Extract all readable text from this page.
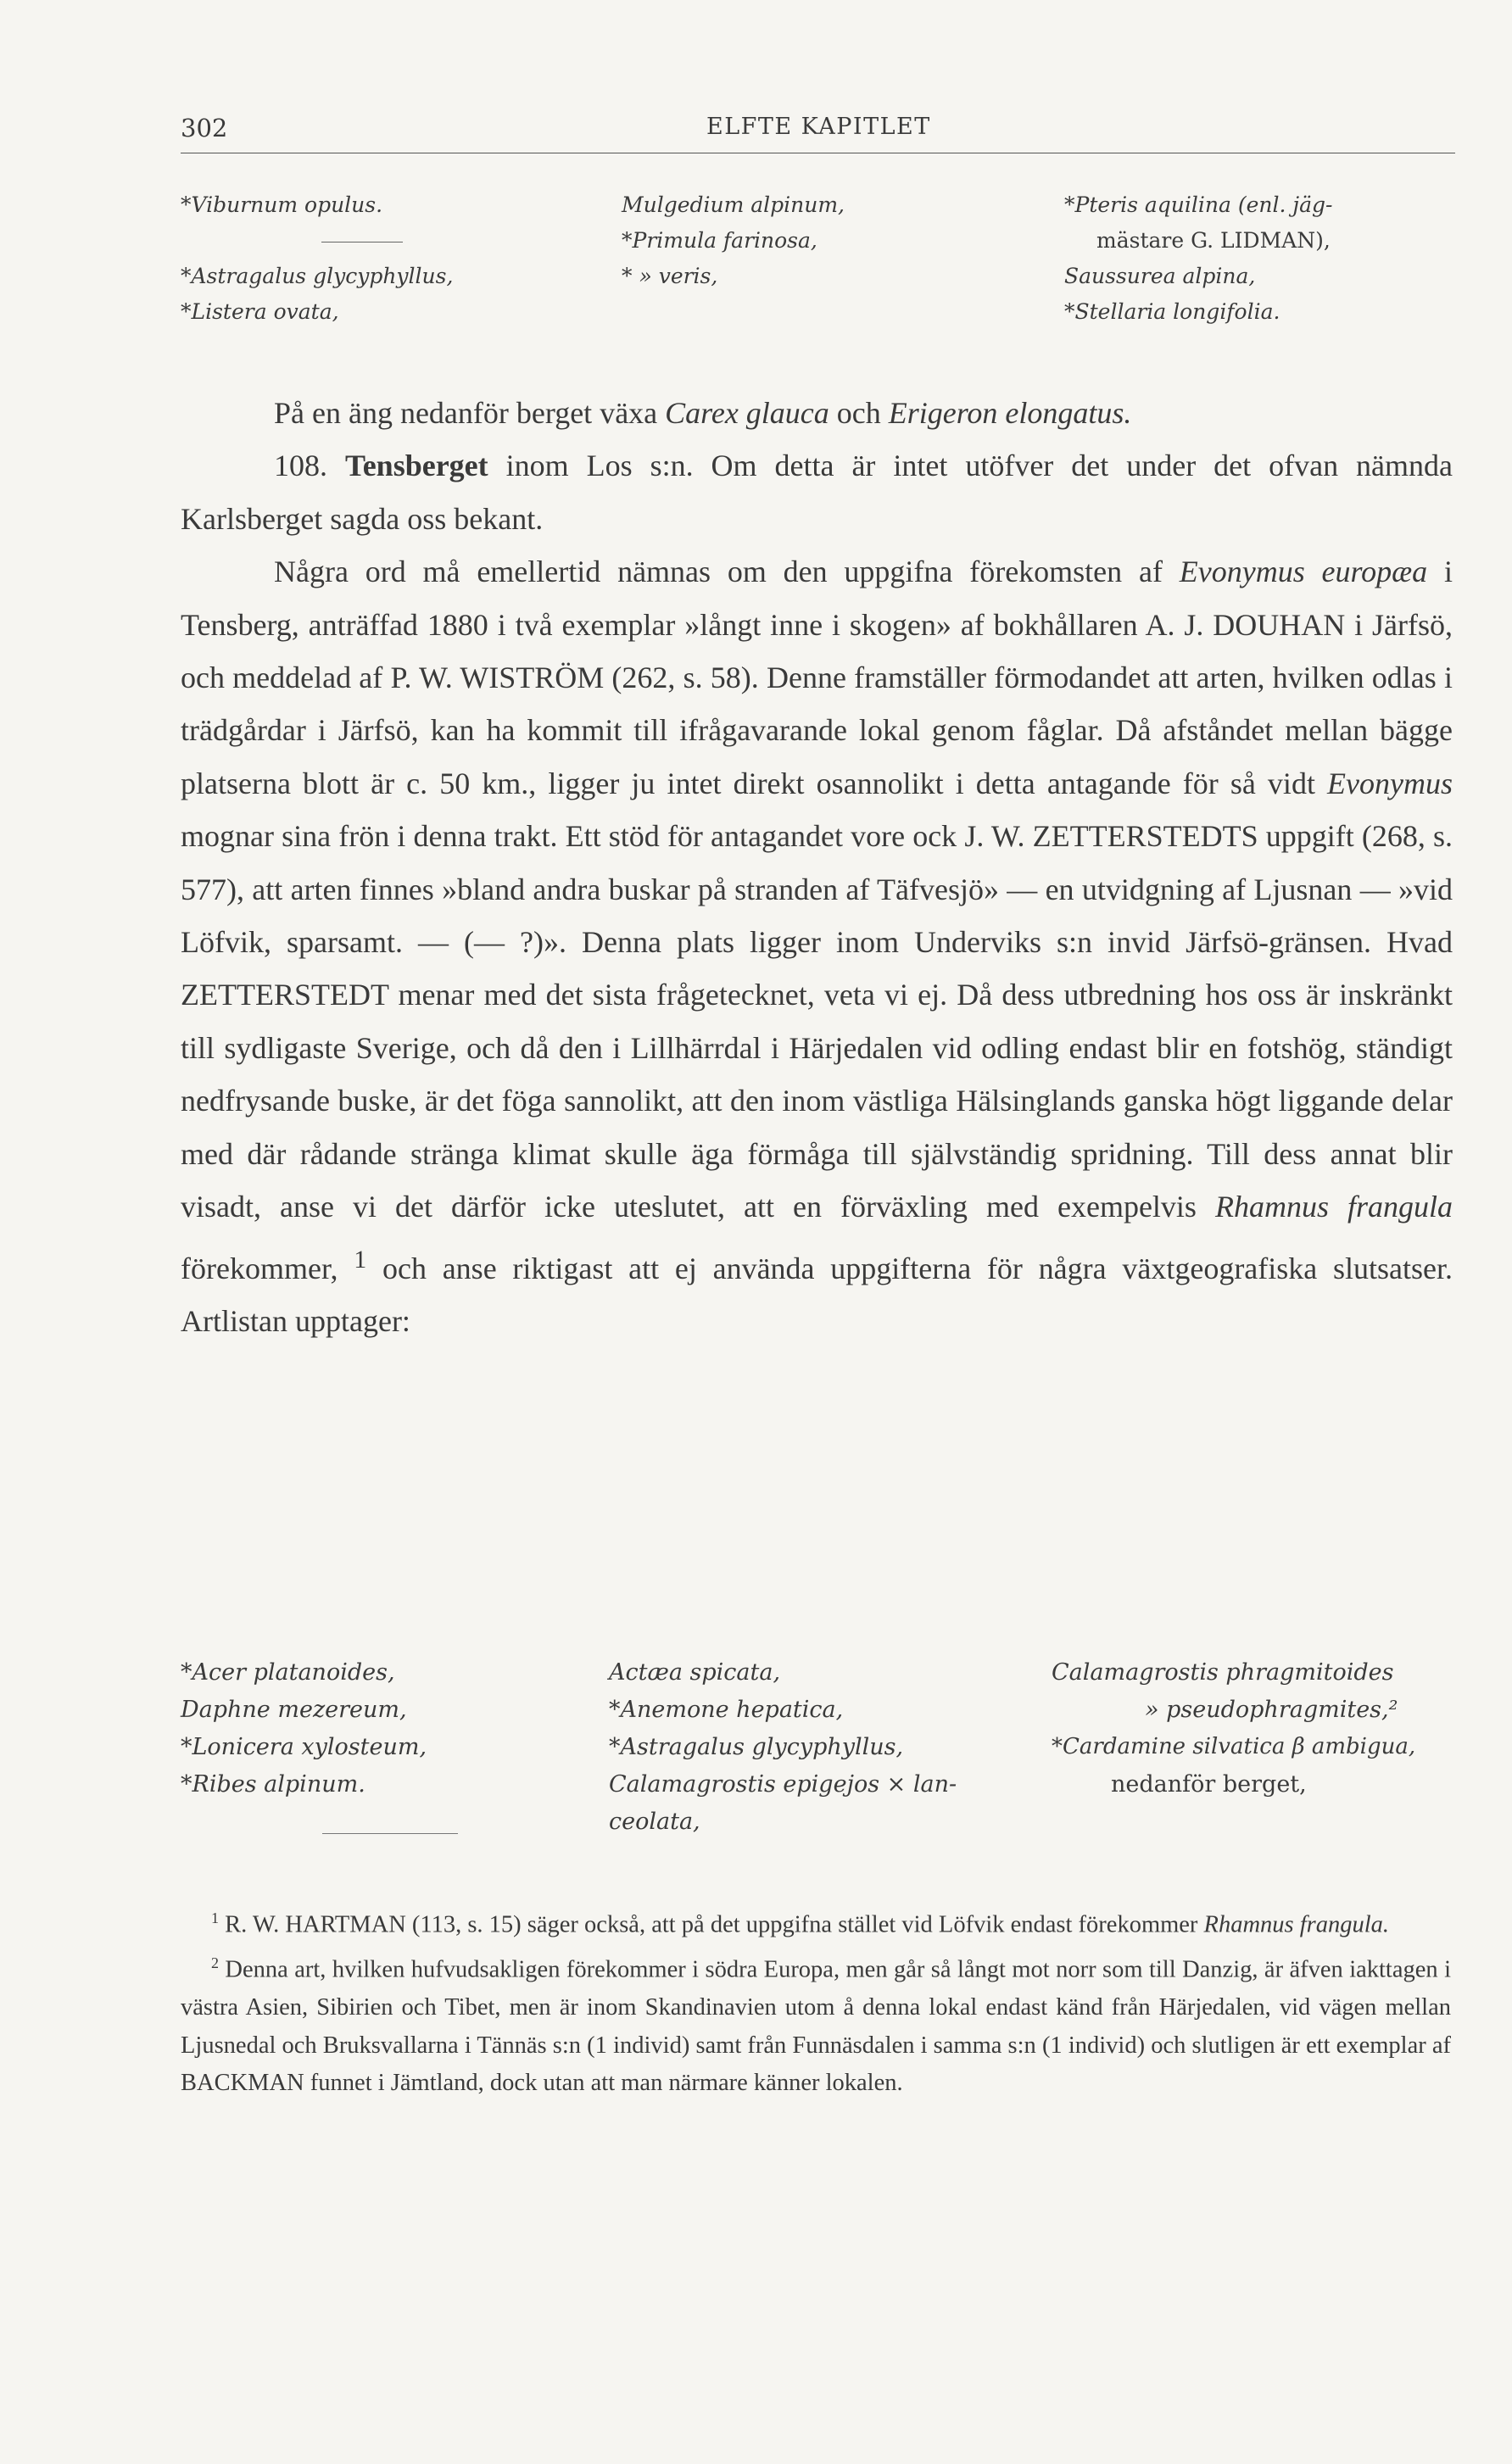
302	ELFTE KAPITLET
*Viburnum opulus.
*Astragalus glycyphyllus,
*Listera ovata,
Mulgedium alpinum,
*Primula farinosa,
* » veris,
*Pteris aquilina (enl. jäg-
mästare G. LIDMAN),
Saussurea alpina,
*Stellaria longifolia.

På en äng nedanför berget växa Carex glauca och Erigeron elongatus.

108. Tensberget inom Los s:n. Om detta är intet utöfver det under det ofvan nämnda Karlsberget sagda oss bekant.

Några ord må emellertid nämnas om den uppgifna förekomsten af Evonymus europæa i Tensberg, anträffad 1880 i två exemplar »långt inne i skogen» af bokhållaren A. J. DOUHAN i Järfsö, och meddelad af P. W. WISTRÖM (262, s. 58). Denne framställer förmodandet att arten, hvilken odlas i trädgårdar i Järfsö, kan ha kommit till ifrågavarande lokal genom fåglar. Då afståndet mellan bägge platserna blott är c. 50 km., ligger ju intet direkt osannolikt i detta antagande för så vidt Evonymus mognar sina frön i denna trakt. Ett stöd för antagandet vore ock J. W. ZETTERSTEDTS uppgift (268, s. 577), att arten finnes »bland andra buskar på stranden af Täfvesjö» — en utvidgning af Ljusnan — »vid Löfvik, sparsamt. — (— ?)». Denna plats ligger inom Underviks s:n invid Järfsö-gränsen. Hvad ZETTERSTEDT menar med det sista frågetecknet, veta vi ej. Då dess utbredning hos oss är inskränkt till sydligaste Sverige, och då den i Lillhärrdal i Härjedalen vid odling endast blir en fotshög, ständigt nedfrysande buske, är det föga sannolikt, att den inom västliga Hälsinglands ganska högt liggande delar med där rådande stränga klimat skulle äga förmåga till självständig spridning. Till dess annat blir visadt, anse vi det därför icke uteslutet, att en förväxling med exempelvis Rhamnus frangula förekommer, $^1$ och anse riktigast att ej använda uppgifterna för några växtgeografiska slutsatser. Artlistan upptager:

*Acer platanoides,
Daphne mezereum,
*Lonicera xylosteum,
*Ribes alpinum.
Actæa spicata,
*Anemone hepatica,
*Astragalus glycyphyllus,
Calamagrostis epigejos × lan-
ceolata,
Calamagrostis phragmitoides
» pseudophragmites,²
*Cardamine silvatica β ambigua,
nedanför berget,

$^1$ R. W. HARTMAN (113, s. 15) säger också, att på det uppgifna stället vid Löfvik endast förekommer Rhamnus frangula.

$^2$ Denna art, hvilken hufvudsakligen förekommer i södra Europa, men går så långt mot norr som till Danzig, är äfven iakttagen i västra Asien, Sibirien och Tibet, men är inom Skandinavien utom å denna lokal endast känd från Härjedalen, vid vägen mellan Ljusnedal och Bruksvallarna i Tännäs s:n (1 individ) samt från Funnäsdalen i samma s:n (1 individ) och slutligen är ett exemplar af BACKMAN funnet i Jämtland, dock utan att man närmare känner lokalen.
